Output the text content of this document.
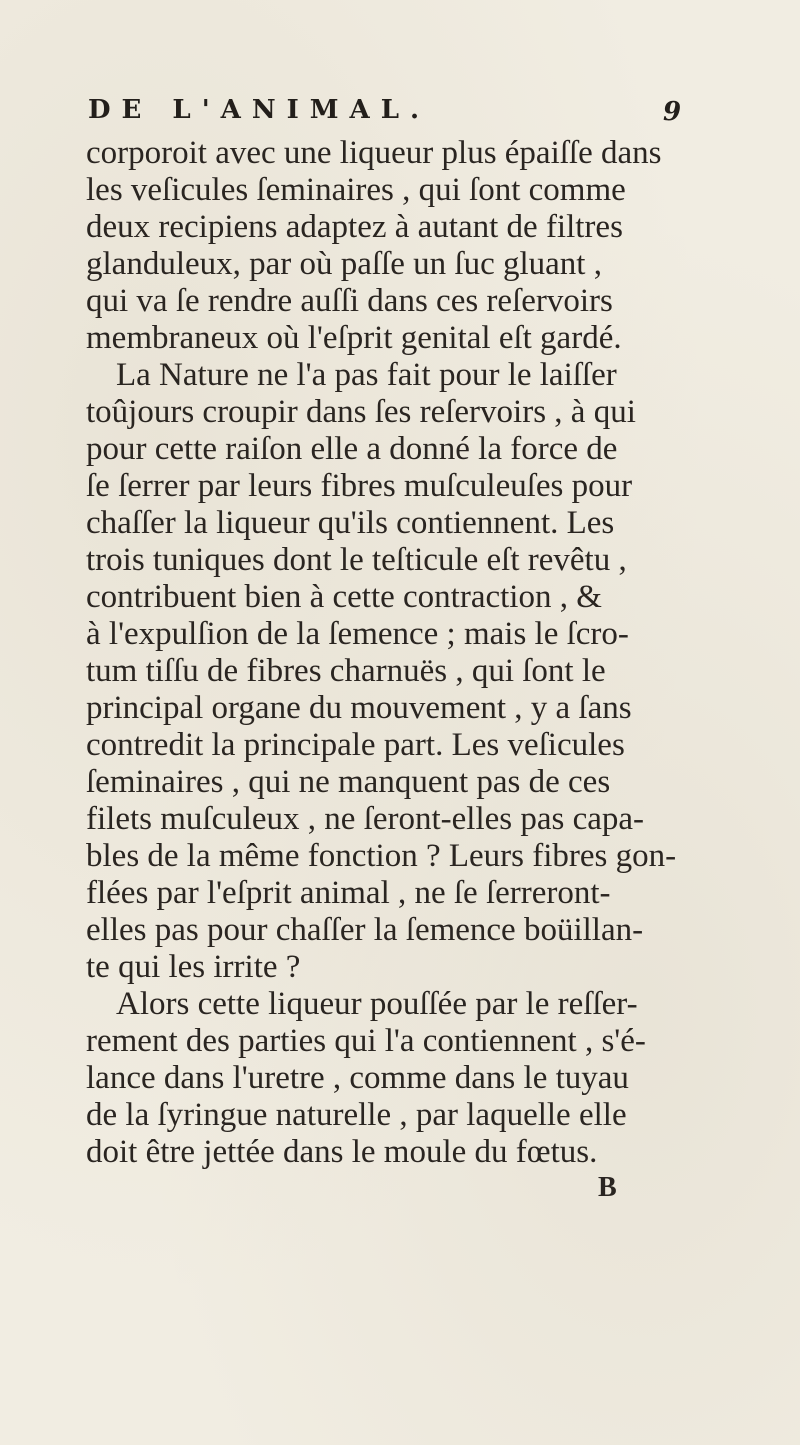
DE L'ANIMAL.	9
corporoit avec une liqueur plus épaiſſe dans
les veſicules ſeminaires , qui ſont comme
deux recipiens adaptez à autant de filtres
glanduleux, par où paſſe un ſuc gluant ,
qui va ſe rendre auſſi dans ces reſervoirs
membraneux où l'eſprit genital eſt gardé.
La Nature ne l'a pas fait pour le laiſſer
toûjours croupir dans ſes reſervoirs , à qui
pour cette raiſon elle a donné la force de
ſe ſerrer par leurs fibres muſculeuſes pour
chaſſer la liqueur qu'ils contiennent. Les
trois tuniques dont le teſticule eſt revêtu ,
contribuent bien à cette contraction , &
à l'expulſion de la ſemence ; mais le ſcro-
tum tiſſu de fibres charnuës , qui ſont le
principal organe du mouvement , y a ſans
contredit la principale part. Les veſicules
ſeminaires , qui ne manquent pas de ces
filets muſculeux , ne ſeront-elles pas capa-
bles de la même fonction ? Leurs fibres gon-
flées par l'eſprit animal , ne ſe ſerreront-
elles pas pour chaſſer la ſemence boüillan-
te qui les irrite ?
Alors cette liqueur pouſſée par le reſſer-
rement des parties qui l'a contiennent , s'é-
lance dans l'uretre , comme dans le tuyau
de la ſyringue naturelle , par laquelle elle
doit être jettée dans le moule du fœtus.
B
